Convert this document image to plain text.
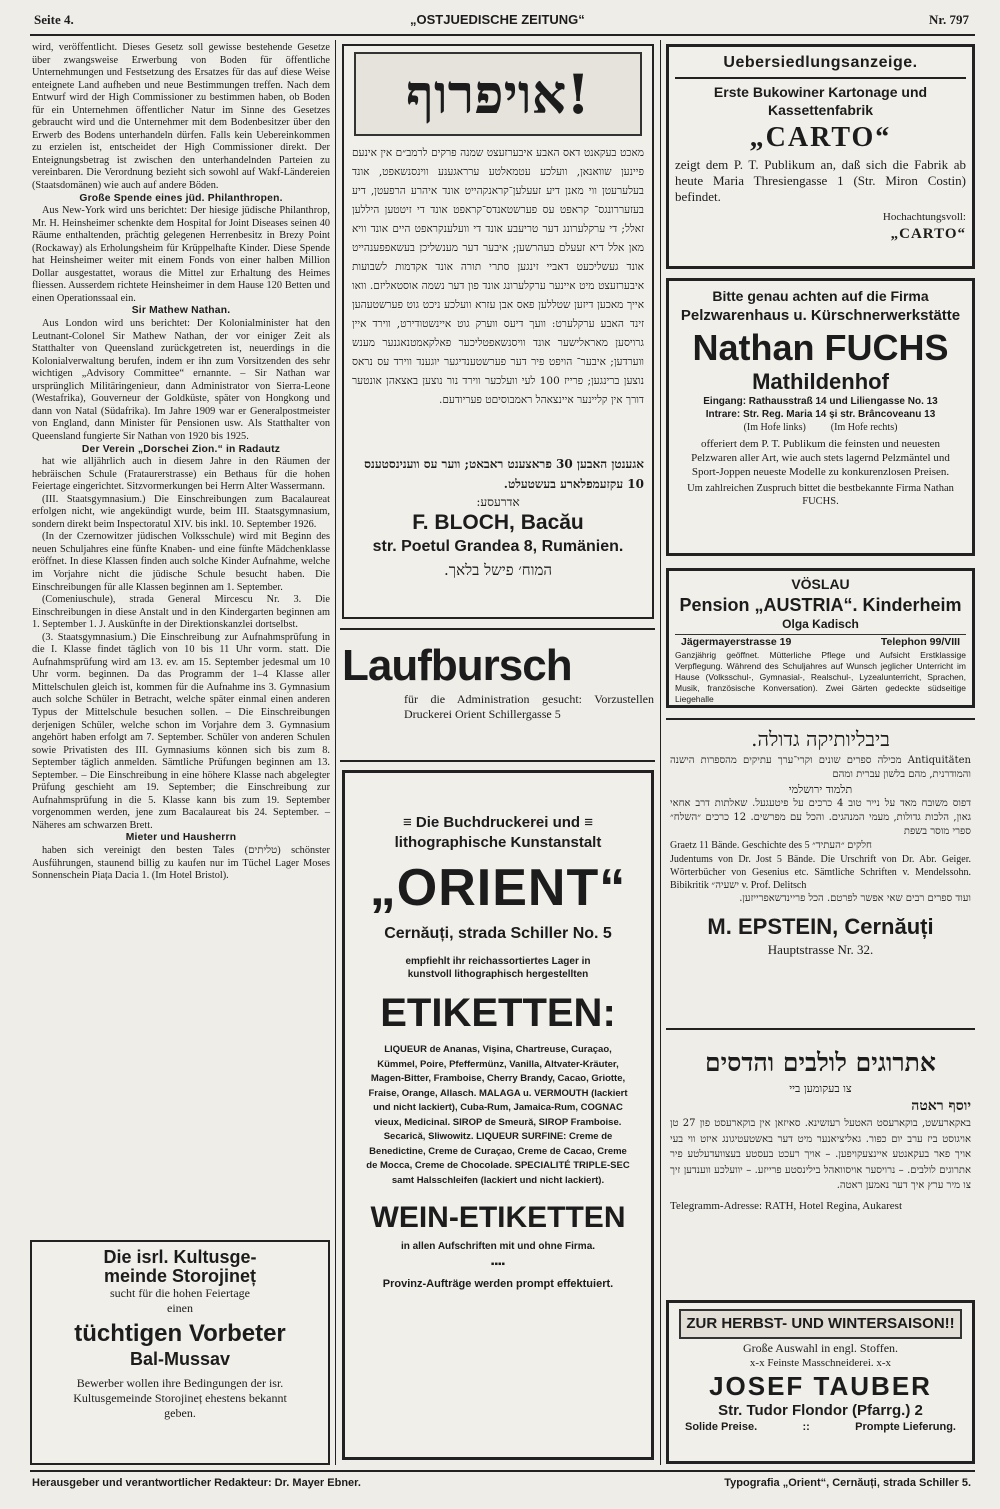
Seite 4.	„OSTJUEDISCHE ZEITUNG“	Nr. 797

wird, veröffentlicht. Dieses Gesetz soll gewisse bestehende Gesetze über zwangsweise Erwerbung von Boden für öffentliche Unternehmungen und Festsetzung des Ersatzes für das auf diese Weise enteignete Land aufheben und neue Bestimmungen treffen. Nach dem Entwurf wird der High Commissioner zu bestimmen haben, ob Boden für ein Unternehmen öffentlicher Natur im Sinne des Gesetzes gebraucht wird und die Unternehmer mit dem Bodenbesitzer über den Erwerb des Bodens unterhandeln dürfen. Falls kein Uebereinkommen zu erzielen ist, entscheidet der High Commissioner direkt. Der Enteignungsbetrag ist zwischen den unterhandelnden Parteien zu vereinbaren. Die Verordnung bezieht sich sowohl auf Wakf-Ländereien (Staatsdomänen) wie auch auf andere Böden.

Große Spende eines jüd. Philanthropen.

Aus New-York wird uns berichtet: Der hiesige jüdische Philanthrop, Mr. H. Heinsheimer schenkte dem Hospital for Joint Diseases seinen 40 Räume enthaltenden, prächtig gelegenen Herrenbesitz in Brezy Point (Rockaway) als Erholungsheim für Krüppelhafte Kinder. Diese Spende hat Heinsheimer weiter mit einem Fonds von einer halben Million Dollar ausgestattet, woraus die Mittel zur Erhaltung des Heimes fliessen. Ausserdem richtete Heinsheimer in dem Hause 120 Betten und einen Operationssaal ein.

Sir Mathew Nathan.

Aus London wird uns berichtet: Der Kolonialminister hat den Leutnant-Colonel Sir Mathew Nathan, der vor einiger Zeit als Statthalter von Queensland zurückgetreten ist, neuerdings in die Kolonialverwaltung berufen, indem er ihn zum Vorsitzenden des sehr wichtigen „Advisory Committee“ ernannte. – Sir Nathan war ursprünglich Militäringenieur, dann Administrator von Sierra-Leone (Westafrika), Gouverneur der Goldküste, später von Hongkong und dann von Natal (Südafrika). Im Jahre 1909 war er Generalpostmeister von England, dann Minister für Pensionen usw. Als Statthalter von Queensland fungierte Sir Nathan von 1920 bis 1925.

Der Verein „Dorschei Zion.“ in Radautz

hat wie alljährlich auch in diesem Jahre in den Räumen der hebräischen Schule (Frataurerstrasse) ein Bethaus für die hohen Feiertage eingerichtet. Sitzvormerkungen bei Herrn Alter Wassermann.

(III. Staatsgymnasium.) Die Einschreibungen zum Bacalaureat erfolgen nicht, wie angekündigt wurde, beim III. Staatsgymnasium, sondern direkt beim Inspectoratul XIV. bis inkl. 10. September 1926.

(In der Czernowitzer jüdischen Volksschule) wird mit Beginn des neuen Schuljahres eine fünfte Knaben- und eine fünfte Mädchenklasse eröffnet. In diese Klassen finden auch solche Kinder Aufnahme, welche im Vorjahre nicht die jüdische Schule besucht haben. Die Einschreibungen für alle Klassen beginnen am 1. September.

(Comeniuschule), strada General Mircescu Nr. 3. Die Einschreibungen in diese Anstalt und in den Kindergarten beginnen am 1. September 1. J. Auskünfte in der Direktionskanzlei dortselbst.

(3. Staatsgymnasium.) Die Einschreibung zur Aufnahmsprüfung in die I. Klasse findet täglich von 10 bis 11 Uhr vorm. statt. Die Aufnahmsprüfung wird am 13. ev. am 15. September jedesmal um 10 Uhr vorm. beginnen. Da das Programm der 1–4 Klasse aller Mittelschulen gleich ist, kommen für die Aufnahme ins 3. Gymnasium auch solche Schüler in Betracht, welche später einmal einen anderen Typus der Mittelschule besuchen sollen. – Die Einschreibungen derjenigen Schüler, welche schon im Vorjahre dem 3. Gymnasium angehört haben erfolgt am 7. September. Schüler von anderen Schulen sowie Privatisten des III. Gymnasiums können sich bis zum 8. September täglich anmelden. Sämtliche Prüfungen beginnen am 13. September. – Die Einschreibung in eine höhere Klasse nach abgelegter Prüfung geschieht am 19. September; die Einschreibung zur Aufnahmsprüfung in die 5. Klasse kann bis zum 19. September vorgenommen werden, jene zum Bacalaureat bis 24. September. – Näheres am schwarzen Brett.

Mieter und Hausherrn

haben sich vereinigt den besten Tales (טליתים) schönster Ausführungen, staunend billig zu kaufen nur im Tüchel Lager Moses Sonnenschein Piața Dacia 1. (Im Hotel Bristol).

Die isrl. Kultusge-
meinde Storojineț
sucht für die hohen Feiertage
einen
tüchtigen Vorbeter
Bal-Mussav
Bewerber wollen ihre Bedingungen der isr. Kultusgemeinde Storojineț ehestens bekannt geben.
!אויפרוף
מאכט בעקאנט דאס האבע איבערזעצט שמנה פרקים לרמב״ם אין אינעם פיינען שוואנאן, וועלכע עטמאלטע ערראגענע ווינסנשאפט, אונד בעלערעטן ווי מאנן דיע זעעלען־קראנקהייט אונד איהרע הרפעטן, דיע בעזעררונגס־ קראפט עס פערשטאנדס־קראפט אונד די זיטטען היללען זאלל; די ערקלערונג דער טריעבע אונד די וועלענקראפט היים אונד וויא מאן אלל דיא זעעלם בעהרשען; איבער דער מענשליכן בעשאפפענהייט אונד געשליכעט דאביי זינגען סתרי תורה אונד אקדמות לשבועות איבערזעצט מיט איינער ערקלערונג אונד פון דער נשמה אוסטאליזם. וואו אייך מאכען דיזען שטללען פאס אבן עזרא וועלכע ניכט גוט פערשטעהען זינד האבע ערקלערט: וועך דיעס ווערק גוט איינשטודירט, ווירד איין גרויסען מאראלישער אונד וויסנשאפטליכער פאלקאמטנאגנער מענש ווערדען; איבער־ הויפט פיר דער פערשטענדיגער יוגענד ווירד עס נראס נוצען ברינגען; פרייז 100 לעי וועלכער ווירד נור נוצען באצאהן אונטער דורך אין קליינער איינצאהל ראמבוסיםט פעריודעם.
אגענטן האבען 30 פראצענט ראבאט; ווער עס ווענינסטענס 10 עקזעמפלארע בעשטעלט.
אדרעסע:
F. BLOCH, Bacău
str. Poetul Grandea 8, Rumänien.
המוח׳ פישל בלאך.
Laufbursch
für die Administration gesucht: Vorzustellen Druckerei Orient Schillergasse 5
≡ Die Buchdruckerei und ≡
lithographische Kunstanstalt
„ORIENT“
Cernăuți, strada Schiller No. 5
empfiehlt ihr reichassortiertes Lager in
kunstvoll lithographisch hergestellten
ETIKETTEN:
LIQUEUR de Ananas, Vișina, Chartreuse, Curaçao, Kümmel, Poire, Pfeffermünz, Vanilla, Altvater-Kräuter, Magen-Bitter, Framboise, Cherry Brandy, Cacao, Griotte, Fraise, Orange, Allasch. MALAGA u. VERMOUTH (lackiert und nicht lackiert), Cuba-Rum, Jamaica-Rum, COGNAC vieux, Medicinal. SIROP de Smeură, SIROP Framboise. Secarică, Sliwowitz. LIQUEUR SURFINE: Creme de Benedictine, Creme de Curaçao, Creme de Cacao, Creme de Mocca, Creme de Chocolade. SPECIALITÉ TRIPLE-SEC samt Halsschleifen (lackiert und nicht lackiert).
WEIN-ETIKETTEN
in allen Aufschriften mit und ohne Firma.
▪▪▪▪
Provinz-Aufträge werden prompt effektuiert.
Uebersiedlungsanzeige.
Erste Bukowiner Kartonage und Kassettenfabrik
„CARTO“
zeigt dem P. T. Publikum an, daß sich die Fabrik ab heute Maria Thresiengasse 1 (Str. Miron Costin) befindet.
Hochachtungsvoll:
„CARTO“
Bitte genau achten auf die Firma
Pelzwarenhaus u. Kürschnerwerkstätte
Nathan FUCHS
Mathildenhof
Eingang: Rathausstraß 14 und Liliengasse No. 13
Intrare: Str. Reg. Maria 14 și str. Brâncoveanu 13
(Im Hofe links)          (Im Hofe rechts)
offeriert dem P. T. Publikum die feinsten und neuesten Pelzwaren aller Art, wie auch stets lagernd Pelzmäntel und Sport-Joppen neueste Modelle zu konkurenzlosen Preisen.
Um zahlreichen Zuspruch bittet die bestbekannte Firma Nathan FUCHS.
VÖSLAU
Pension „AUSTRIA“. Kinderheim
Olga Kadisch
Jägermayerstrasse 19	Telephon 99/VIII
Ganzjährig geöffnet. Mütterliche Pflege und Aufsicht Erstklassige Verpflegung. Während des Schuljahres auf Wunsch jeglicher Unterricht im Hause (Volksschul-, Gymnasial-, Realschul-, Lyzealunterricht, Sprachen, Musik, französische Konversation). Zwei Gärten gedeckte südseitige Liegehalle
ביבליותיקה גדולה.
Antiquitäten מכילה ספרים שונים וקרי־ערך עתיקים מהספרות הישנה והמודרנית, מהם בלשון עברית ומהם
תלמוד ירושלמי
דפוס משובח מאד על נייר טוב 4 כרכים על פיטעגעל. שאלתות דרב אחאי גאון, הלכות גדולות, מעמי המנהגים. והכל עם מפרשים. 12 כרכים ״השלח״ ספרי מוסר בשפת
Graetz 11 Bände. Geschichte des 5 חלקים ״העתיד״
Judentums von Dr. Jost 5 Bände. Die Urschrift von Dr. Abr. Geiger. Wörterbücher von Gesenius etc. Sämtliche Schriften v. Mendelssohn. Bibikritik ישעיה״ v. Prof. Delitsch
ועוד ספרים רבים שאי אפשר לפרטם. הכל פריינדשאפרייזען.
M. EPSTEIN, Cernăuți
Hauptstrasse Nr. 32.
אתרוגים לולבים והדסים
צו בעקומען ביי
יוסף ראטה
באקארעשט, בוקארעסט האטעל רעזשינא. סאיזאן אין בוקארעסט פון 27 טן אויגוסט ביז ערב יום כפור. גאליציאנער מיט דער באשטעטיגונג איזט ווי בעי אויך פאר בעקאנטע איינצעקויפען. – אויך רעכט בעסטע בעצוועדעלטע פיר אתרוגים לולבים. – נרויסער אויסוואהל בילינסטע פרייזע. – יוועלכע ווענדען זיך צו מיר ערץ איך דער נאמען ראטה.
Telegramm-Adresse: RATH, Hotel Regina, Aukarest
ZUR HERBST- UND WINTERSAISON!!
Große Auswahl in engl. Stoffen.
x-x Feinste Masschneiderei. x-x
JOSEF TAUBER
Str. Tudor Flondor (Pfarrg.) 2
Solide Preise.	::	Prompte Lieferung.
Herausgeber und verantwortlicher Redakteur: Dr. Mayer Ebner.	Typografia „Orient“, Cernăuți, strada Schiller 5.
